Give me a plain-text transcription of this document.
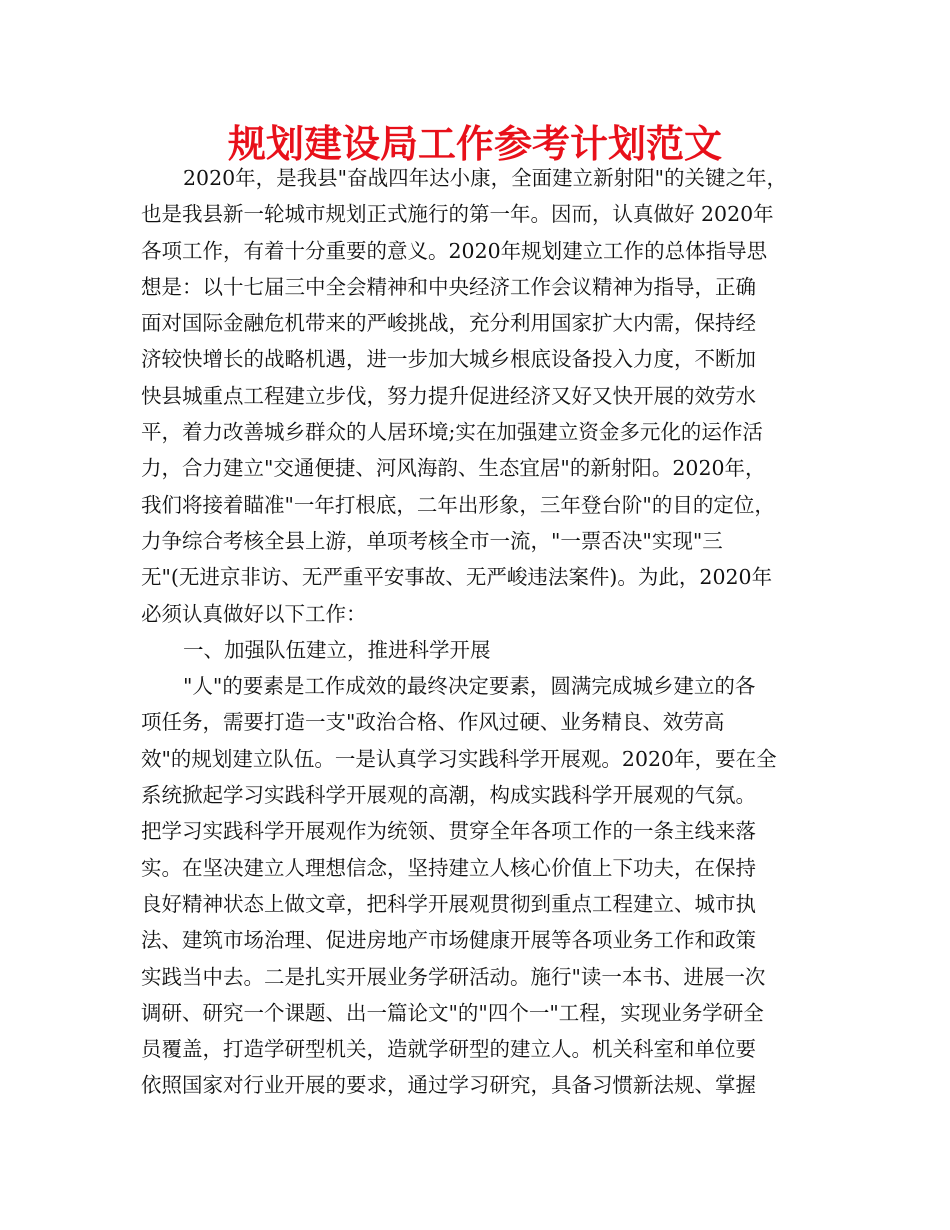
规划建设局工作参考计划范文
2020年，是我县"奋战四年达小康，全面建立新射阳"的关键之年，
也是我县新一轮城市规划正式施行的第一年。因而，认真做好 2020年
各项工作，有着十分重要的意义。2020年规划建立工作的总体指导思
想是：以十七届三中全会精神和中央经济工作会议精神为指导，正确
面对国际金融危机带来的严峻挑战，充分利用国家扩大内需，保持经
济较快增长的战略机遇，进一步加大城乡根底设备投入力度，不断加
快县城重点工程建立步伐，努力提升促进经济又好又快开展的效劳水
平，着力改善城乡群众的人居环境;实在加强建立资金多元化的运作活
力，合力建立"交通便捷、河风海韵、生态宜居"的新射阳。2020年，
我们将接着瞄准"一年打根底，二年出形象，三年登台阶"的目的定位，
力争综合考核全县上游，单项考核全市一流，"一票否决"实现"三
无"(无进京非访、无严重平安事故、无严峻违法案件)。为此，2020年
必须认真做好以下工作：
一、加强队伍建立，推进科学开展
"人"的要素是工作成效的最终决定要素，圆满完成城乡建立的各
项任务，需要打造一支"政治合格、作风过硬、业务精良、效劳高
效"的规划建立队伍。一是认真学习实践科学开展观。2020年，要在全
系统掀起学习实践科学开展观的高潮，构成实践科学开展观的气氛。
把学习实践科学开展观作为统领、贯穿全年各项工作的一条主线来落
实。在坚决建立人理想信念，坚持建立人核心价值上下功夫，在保持
良好精神状态上做文章，把科学开展观贯彻到重点工程建立、城市执
法、建筑市场治理、促进房地产市场健康开展等各项业务工作和政策
实践当中去。二是扎实开展业务学研活动。施行"读一本书、进展一次
调研、研究一个课题、出一篇论文"的"四个一"工程，实现业务学研全
员覆盖，打造学研型机关，造就学研型的建立人。机关科室和单位要
依照国家对行业开展的要求，通过学习研究，具备习惯新法规、掌握
